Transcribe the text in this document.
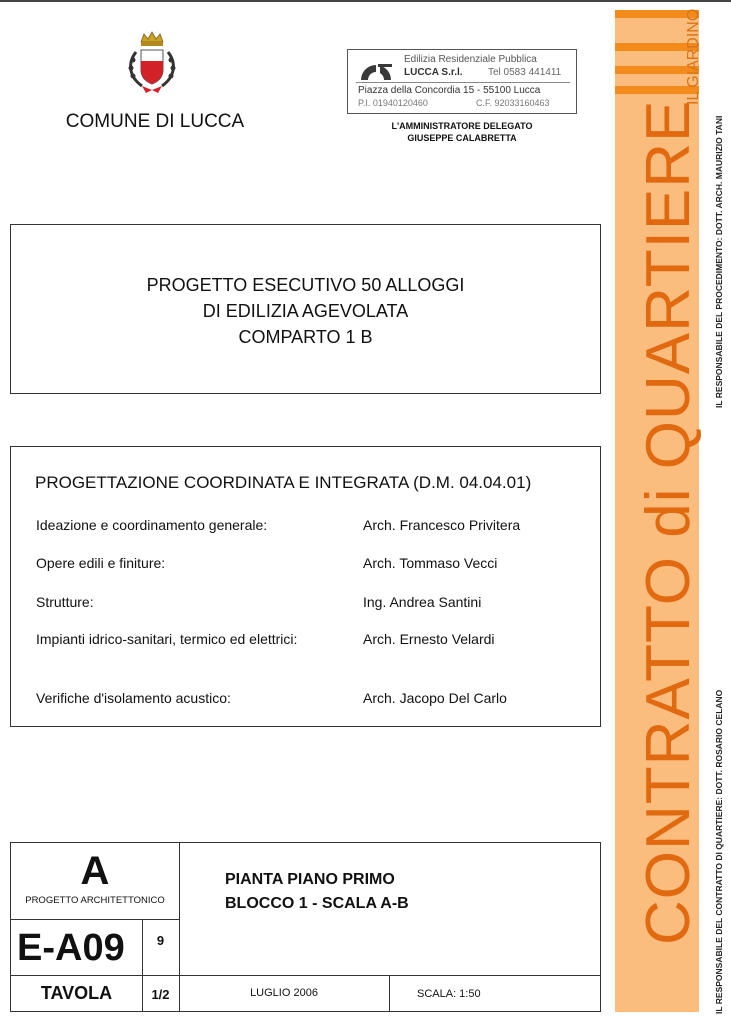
COMUNE DI LUCCA
Edilizia Residenziale Pubblica
LUCCA S.r.l.	Tel 0583 441411
Piazza della Concordia 15 - 55100 Lucca
P.I. 01940120460	C.F. 92033160463
L'AMMINISTRATORE DELEGATO
GIUSEPPE CALABRETTA
PROGETTO ESECUTIVO 50 ALLOGGI
DI EDILIZIA AGEVOLATA
COMPARTO 1 B
PROGETTAZIONE COORDINATA E INTEGRATA (D.M. 04.04.01)
Ideazione e coordinamento generale:	Arch. Francesco Privitera
Opere edili e finiture:	Arch. Tommaso Vecci
Strutture:	Ing. Andrea Santini
Impianti idrico-sanitari, termico ed elettrici:	Arch. Ernesto Velardi
Verifiche d'isolamento acustico:	Arch. Jacopo Del Carlo
A
PROGETTO ARCHITETTONICO
E-A09	9
TAVOLA	1/2
PIANTA PIANO PRIMO
BLOCCO 1 - SCALA A-B
LUGLIO 2006	SCALA: 1:50
IL GIARDINO
CONTRATTO di QUARTIERE IL RESPONSABILE DEL PROCEDIMENTO: DOTT. ARCH. MAURIZIO TANI
IL RESPONSABILE DEL CONTRATTO DI QUARTIERE: DOTT. ROSARIO CELANO
